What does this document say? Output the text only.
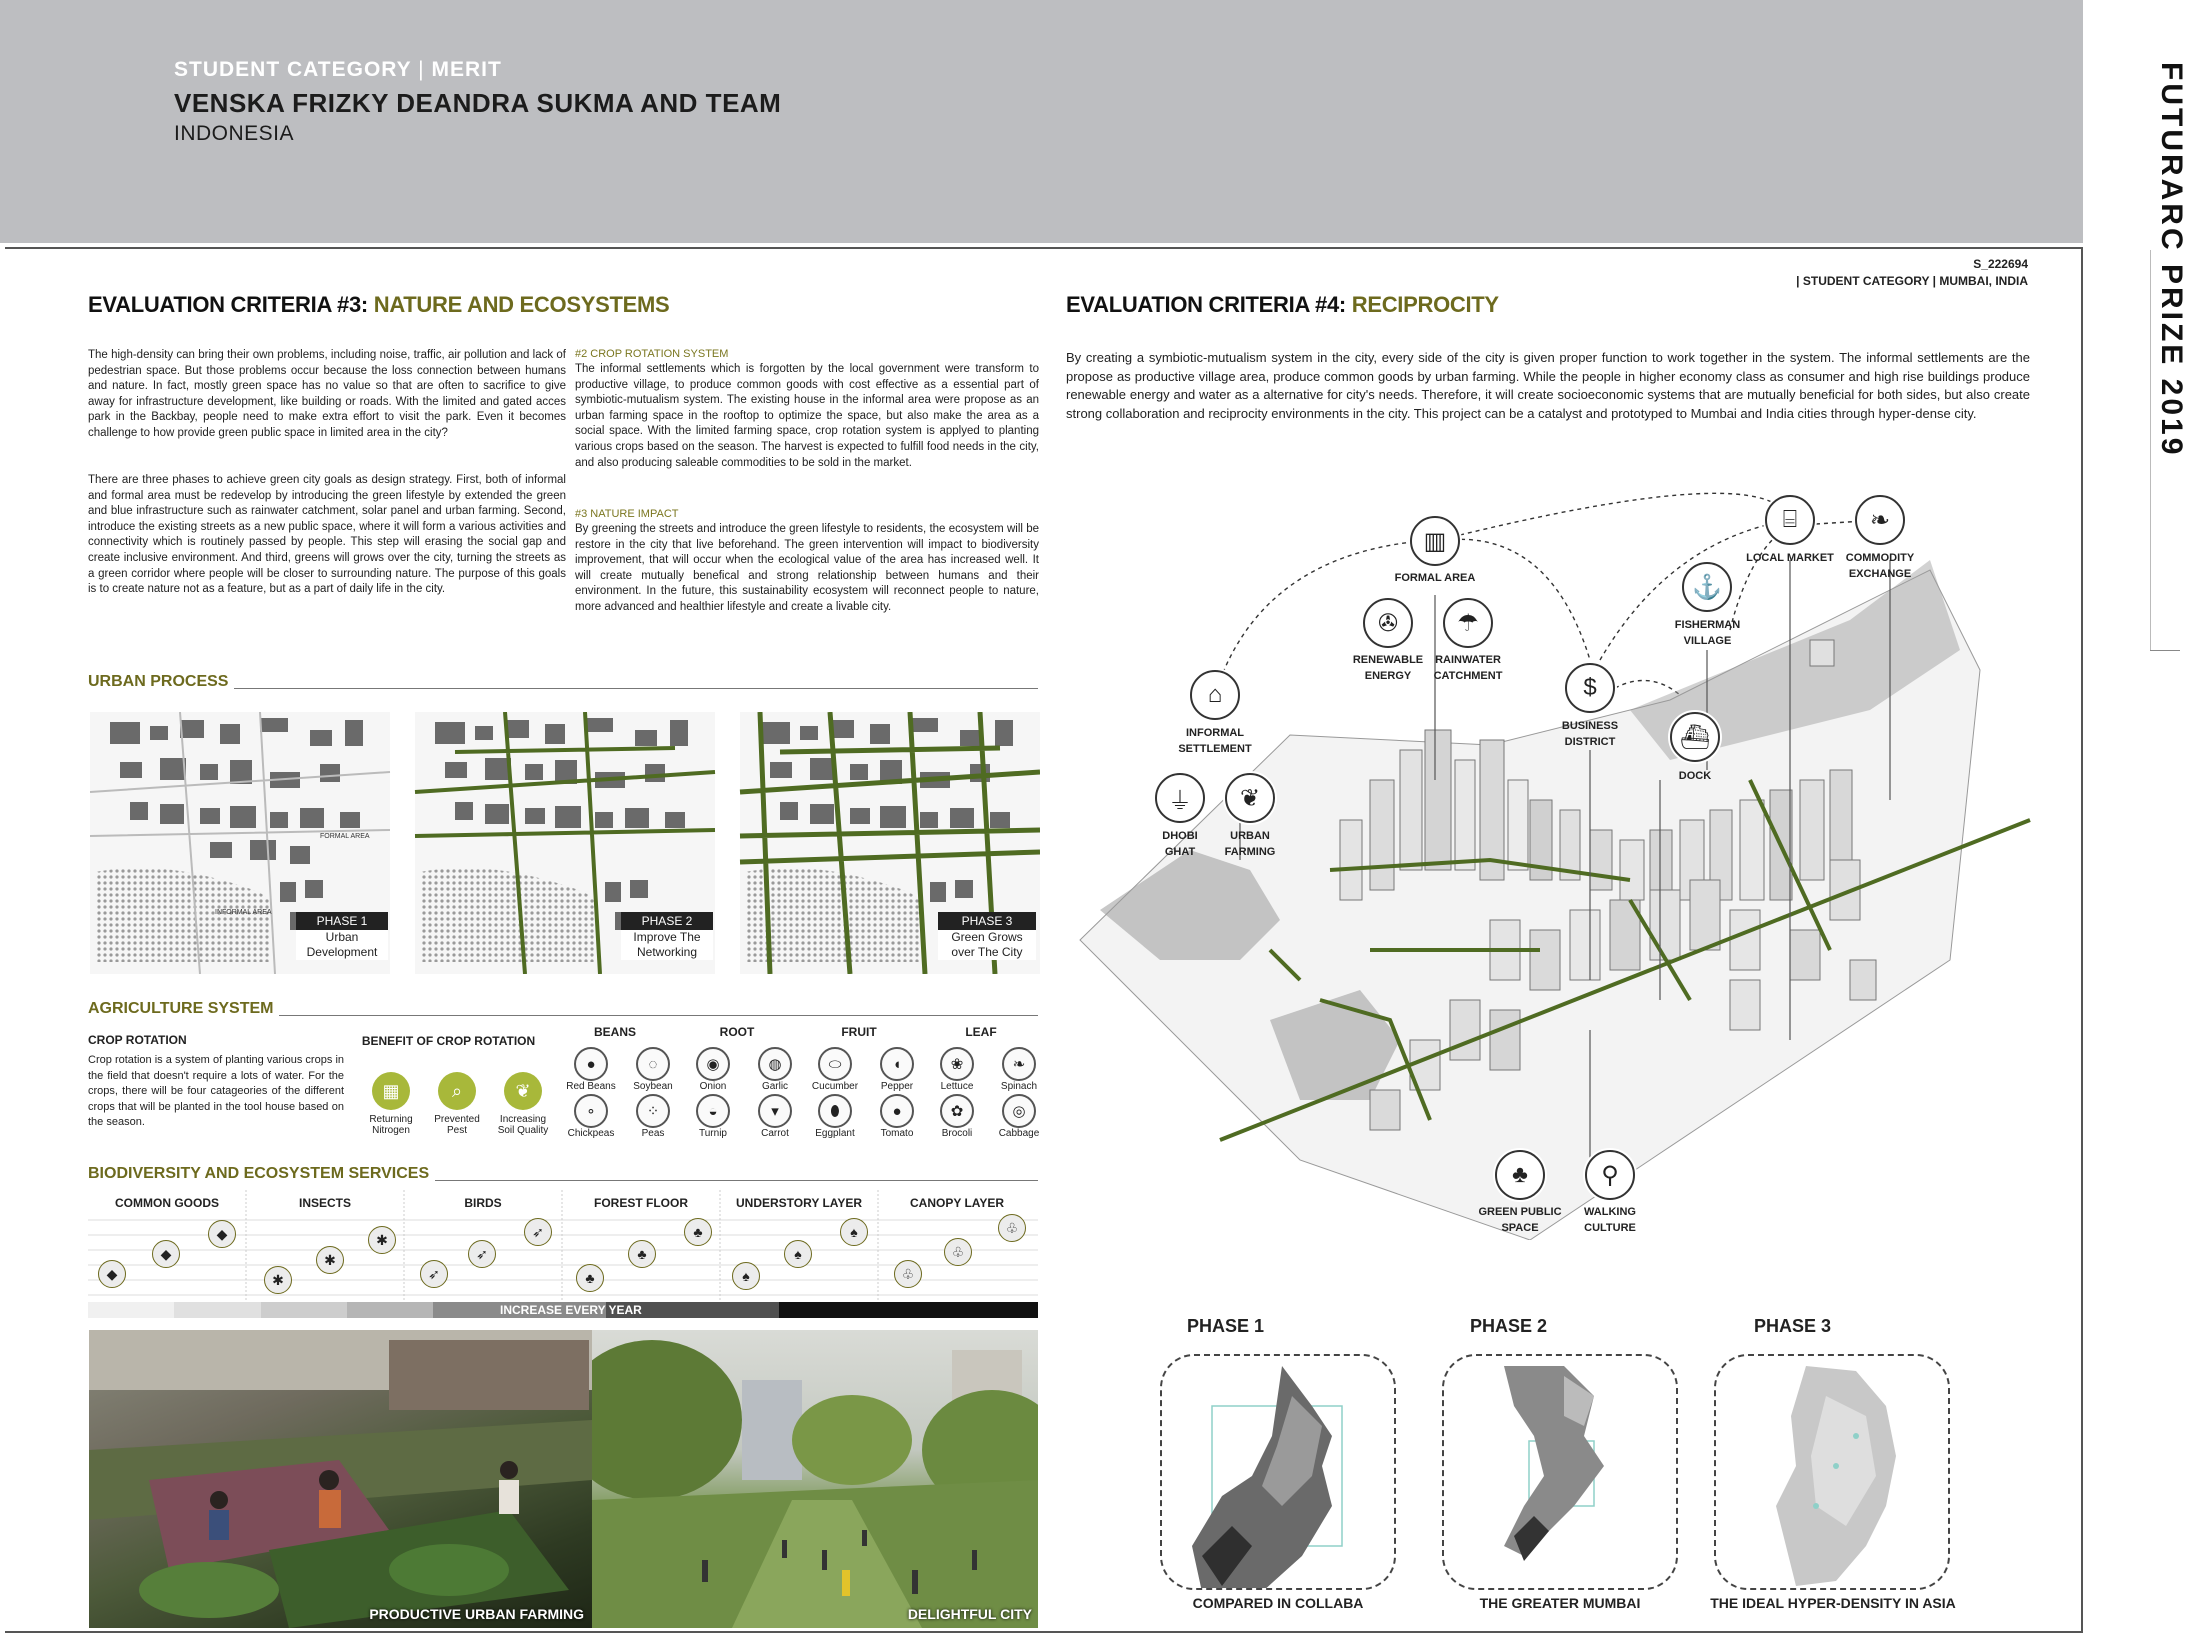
STUDENT CATEGORY | MERIT
VENSKA FRIZKY DEANDRA SUKMA AND TEAM
INDONESIA	FUTURARC PRIZE 2019
S_222694
| STUDENT CATEGORY | MUMBAI, INDIA
EVALUATION CRITERIA #3: NATURE AND ECOSYSTEMS
The high-density can bring their own problems, including noise, traffic, air pollution and lack of pedestrian space. But those problems occur because the loss connection between humans and nature. In fact, mostly green space has no value so that are often to sacrifice to give away for infrastructure development, like building or roads. With the limited and gated acces park in the Backbay, people need to make extra effort to visit the park. Even it becomes challenge to how provide green public space in limited area in the city?
There are three phases to achieve green city goals as design strategy. First, both of informal and formal area must be redevelop by introducing the green lifestyle by extended the green and blue infrastructure such as rainwater catchment, solar panel and urban farming. Second, introduce the existing streets as a new public space, where it will form a various activities and connectivity which is routinely passed by people. This step will erasing the social gap and create inclusive environment. And third, greens will grows over the city, turning the streets as a green corridor where people will be closer to surrounding nature. The purpose of this goals is to create nature not as a feature, but as a part of daily life in the city.
#2 CROP ROTATION SYSTEM
The informal settlements which is forgotten by the local government were transform to productive village, to produce common goods with cost effective as a essential part of symbiotic-mutualism system. The existing house in the informal area were propose as an urban farming space in the rooftop to optimize the space, but also make the area as a social space. With the limited farming space, crop rotation system is applyed to planting various crops based on the season. The harvest is expected to fulfill food needs in the city, and also producing saleable commodities to be sold in the market.
#3 NATURE IMPACT
By greening the streets and introduce the green lifestyle to residents, the ecosystem will be restore in the city that live beforehand. The green intervention will impact to biodiversity improvement, that will occur when the ecological value of the area has increased well. It will create mutually benefical and strong relationship between humans and their environment. In the future, this sustainability ecosystem will reconnect people to nature, more advanced and healthier lifestyle and create a livable city.
URBAN PROCESS
FORMAL AREA
INFORMAL AREA
PHASE 1
Urban Development
PHASE 2
Improve The Networking
PHASE 3
Green Grows over The City
AGRICULTURE SYSTEM
CROP ROTATION
Crop rotation is a system of planting various crops in the field that doesn't require a lots of water. For the crops, there will be four catageories of the different crops that will be planted in the tool house based on the season.
BENEFIT OF CROP ROTATION
▦
Returning Nitrogen
⌕
Prevented Pest
❦
Increasing Soil Quality
BEANS	ROOT	FRUIT	LEAF
●
Red Beans
◌
Soybean
∘
Chickpeas
⁘
Peas
◉
Onion
◍
Garlic
◒
Turnip
▾
Carrot
⬭
Cucumber
◖
Pepper
⬮
Eggplant
●
Tomato
❀
Lettuce
❧
Spinach
✿
Brocoli
◎
Cabbage
BIODIVERSITY AND ECOSYSTEM SERVICES
COMMON GOODS	INSECTS	BIRDS	FOREST FLOOR	UNDERSTORY LAYER	CANOPY LAYER
◆
◆
◆
✱
✱
✱
➶
➶
➶
♣
♣
♣
♠
♠
♠
♧
♧
♧
INCREASE EVERY YEAR
PRODUCTIVE URBAN FARMING	DELIGHTFUL CITY
EVALUATION CRITERIA #4: RECIPROCITY
By creating a symbiotic-mutualism system in the city, every side of the city is given proper function to work together in the system. The informal settlements are the propose as productive village area, produce common goods by urban farming. While the people in higher economy class as consumer and high rise buildings produce renewable energy and water as a alternative for city's needs. Therefore, it will create socioeconomic systems that are mutually beneficial for both sides, but also create strong collaboration and reciprocity environments in the city. This project can be a catalyst and prototyped to Mumbai and India cities through hyper-dense city.
▥
FORMAL AREA
✇
RENEWABLE ENERGY
☂
RAINWATER CATCHMENT
⌂
INFORMAL SETTLEMENT
⏚
DHOBI GHAT
❦
URBAN FARMING
$
BUSINESS DISTRICT
⚓
FISHERMAN VILLAGE
⌸
LOCAL MARKET
❧
COMMODITY EXCHANGE
⛴
DOCK
♣
GREEN PUBLIC SPACE
⚲
WALKING CULTURE
PHASE 1	PHASE 2	PHASE 3
COMPARED IN COLLABA	THE GREATER MUMBAI	THE IDEAL HYPER-DENSITY IN ASIA
